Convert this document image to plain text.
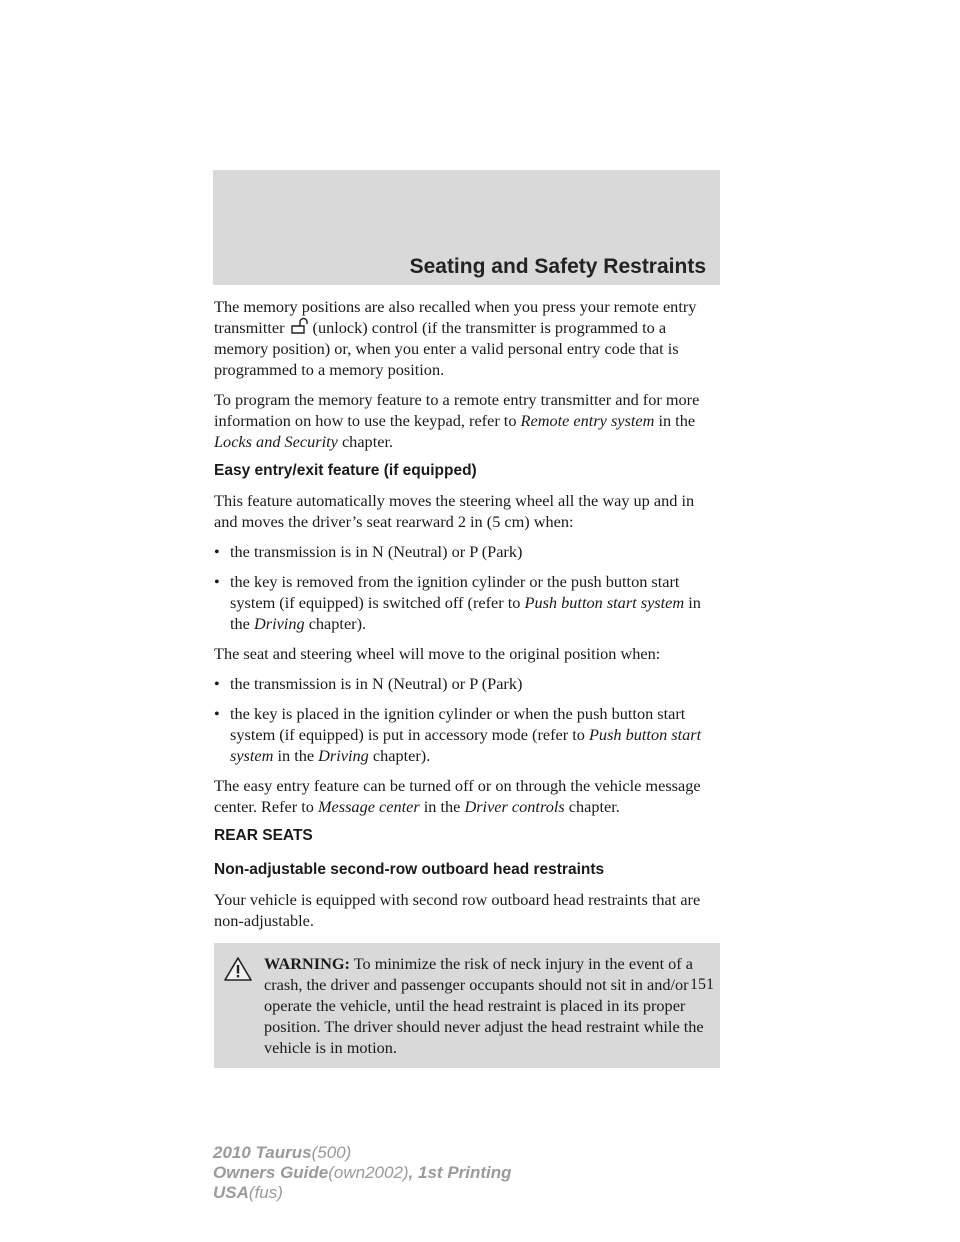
Seating and Safety Restraints

The memory positions are also recalled when you press your remote entry transmitter (unlock) control (if the transmitter is programmed to a memory position) or, when you enter a valid personal entry code that is programmed to a memory position.

To program the memory feature to a remote entry transmitter and for more information on how to use the keypad, refer to Remote entry system in the Locks and Security chapter.

Easy entry/exit feature (if equipped)

This feature automatically moves the steering wheel all the way up and in and moves the driver’s seat rearward 2 in (5 cm) when:

• the transmission is in N (Neutral) or P (Park)
• the key is removed from the ignition cylinder or the push button start system (if equipped) is switched off (refer to Push button start system in the Driving chapter).

The seat and steering wheel will move to the original position when:

• the transmission is in N (Neutral) or P (Park)
• the key is placed in the ignition cylinder or when the push button start system (if equipped) is put in accessory mode (refer to Push button start system in the Driving chapter).

The easy entry feature can be turned off or on through the vehicle message center. Refer to Message center in the Driver controls chapter.

REAR SEATS
Non-adjustable second-row outboard head restraints

Your vehicle is equipped with second row outboard head restraints that are non-adjustable.

WARNING: To minimize the risk of neck injury in the event of a crash, the driver and passenger occupants should not sit in and/or operate the vehicle, until the head restraint is placed in its proper position. The driver should never adjust the head restraint while the vehicle is in motion.
151
2010 Taurus(500)
Owners Guide(own2002), 1st Printing
USA(fus)
